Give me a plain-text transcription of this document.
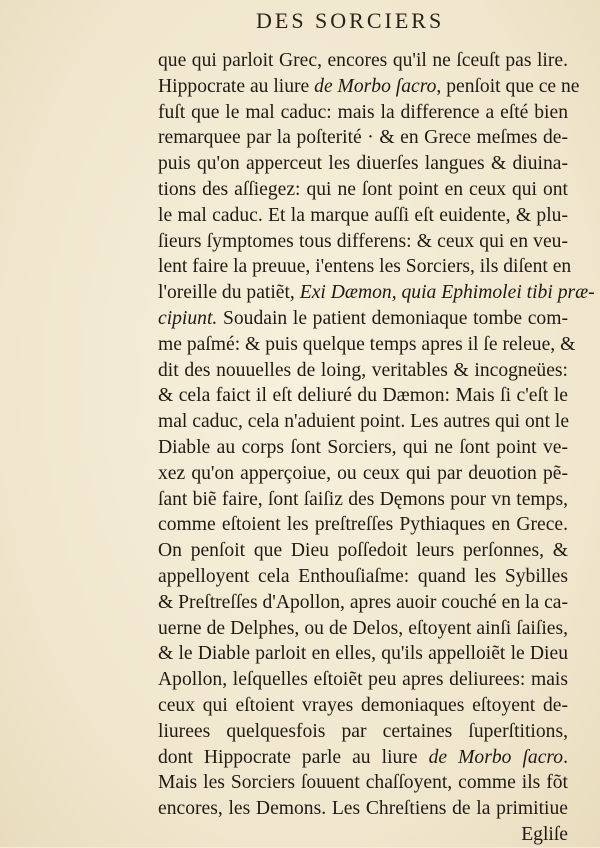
DES SORCIERS
que qui parloit Grec, encores qu'il ne ſceuſt pas lire.
Hippocrate au liure de Morbo ſacro, penſoit que ce ne
fuſt que le mal caduc: mais la difference a eſté bien
remarquee par la poſterité · & en Grece meſmes de-
puis qu'on apperceut les diuerſes langues & diuina-
tions des aſſiegez: qui ne ſont point en ceux qui ont
le mal caduc. Et la marque auſſi eſt euidente, & plu-
ſieurs ſymptomes tous differens: & ceux qui en veu-
lent faire la preuue, i'entens les Sorciers, ils diſent en
l'oreille du patiẽt, Exi Dæmon, quia Ephimolei tibi præ-
cipiunt. Soudain le patient demoniaque tombe com-
me paſmé: & puis quelque temps apres il ſe releue, &
dit des nouuelles de loing, veritables & incogneües:
& cela faict il eſt deliuré du Dæmon: Mais ſi c'eſt le
mal caduc, cela n'aduient point. Les autres qui ont le
Diable au corps ſont Sorciers, qui ne ſont point ve-
xez qu'on apperçoiue, ou ceux qui par deuotion pẽ-
ſant biẽ faire, ſont ſaiſiz des Dęmons pour vn temps,
comme eſtoient les preſtreſſes Pythiaques en Grece.
On penſoit que Dieu poſſedoit leurs perſonnes, &
appelloyent cela Enthouſiaſme: quand les Sybilles
& Preſtreſſes d'Apollon, apres auoir couché en la ca-
uerne de Delphes, ou de Delos, eſtoyent ainſi ſaiſies,
& le Diable parloit en elles, qu'ils appelloiẽt le Dieu
Apollon, leſquelles eſtoiẽt peu apres deliurees: mais
ceux qui eſtoient vrayes demoniaques eſtoyent de-
liurees quelquesfois par certaines ſuperſtitions,
dont Hippocrate parle au liure de Morbo ſacro.
Mais les Sorciers ſouuent chaſſoyent, comme ils fõt
encores, les Demons. Les Chreſtiens de la primitiue
Egliſe
